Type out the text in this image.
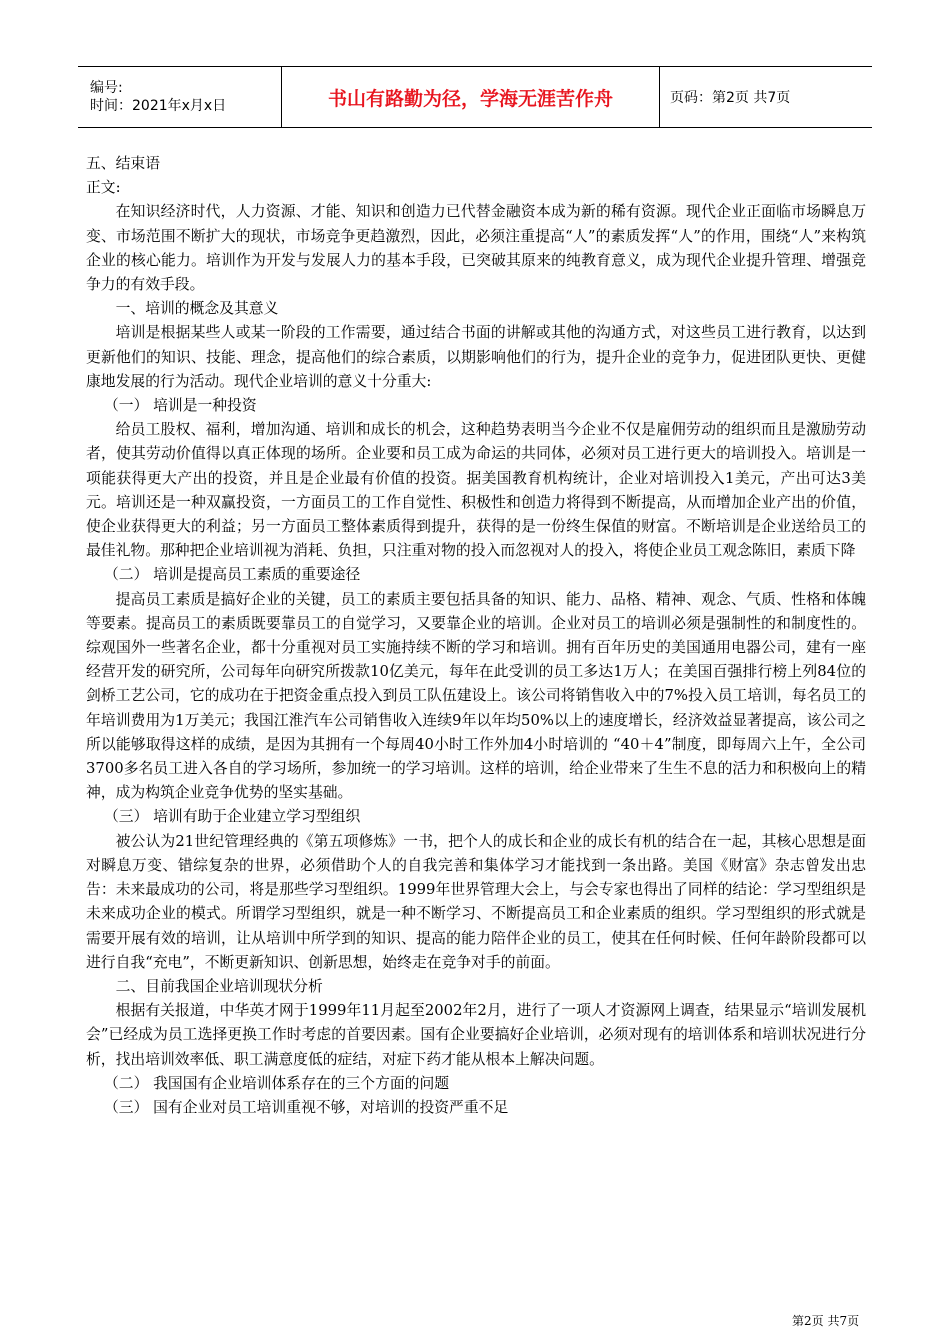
编号:
时间：2021年x月x日	书山有路勤为径，学海无涯苦作舟	页码：第2页 共7页

五、结束语

正文:

在知识经济时代，人力资源、才能、知识和创造力已代替金融资本成为新的稀有资源。现代企业正面临市场瞬息万变、市场范围不断扩大的现状，市场竞争更趋激烈，因此，必须注重提高“人”的素质发挥“人”的作用，围绕“人”来构筑企业的核心能力。培训作为开发与发展人力的基本手段，已突破其原来的纯教育意义，成为现代企业提升管理、增强竞争力的有效手段。

一、培训的概念及其意义

培训是根据某些人或某一阶段的工作需要，通过结合书面的讲解或其他的沟通方式，对这些员工进行教育，以达到更新他们的知识、技能、理念，提高他们的综合素质，以期影响他们的行为，提升企业的竞争力，促进团队更快、更健康地发展的行为活动。现代企业培训的意义十分重大:

（一） 培训是一种投资

给员工股权、福利，增加沟通、培训和成长的机会，这种趋势表明当今企业不仅是雇佣劳动的组织而且是激励劳动者，使其劳动价值得以真正体现的场所。企业要和员工成为命运的共同体，必须对员工进行更大的培训投入。培训是一项能获得更大产出的投资，并且是企业最有价值的投资。据美国教育机构统计，企业对培训投入1美元，产出可达3美元。培训还是一种双赢投资，一方面员工的工作自觉性、积极性和创造力将得到不断提高，从而增加企业产出的价值，使企业获得更大的利益；另一方面员工整体素质得到提升，获得的是一份终生保值的财富。不断培训是企业送给员工的最佳礼物。那种把企业培训视为消耗、负担，只注重对物的投入而忽视对人的投入，将使企业员工观念陈旧，素质下降

（二） 培训是提高员工素质的重要途径

提高员工素质是搞好企业的关键，员工的素质主要包括具备的知识、能力、品格、精神、观念、气质、性格和体魄等要素。提高员工的素质既要靠员工的自觉学习，又要靠企业的培训。企业对员工的培训必须是强制性的和制度性的。综观国外一些著名企业，都十分重视对员工实施持续不断的学习和培训。拥有百年历史的美国通用电器公司，建有一座经营开发的研究所，公司每年向研究所拨款10亿美元，每年在此受训的员工多达1万人；在美国百强排行榜上列84位的剑桥工艺公司，它的成功在于把资金重点投入到员工队伍建设上。该公司将销售收入中的7%投入员工培训，每名员工的年培训费用为1万美元；我国江淮汽车公司销售收入连续9年以年均50%以上的速度增长，经济效益显著提高，该公司之所以能够取得这样的成绩，是因为其拥有一个每周40小时工作外加4小时培训的 “40＋4”制度，即每周六上午，全公司3700多名员工进入各自的学习场所，参加统一的学习培训。这样的培训，给企业带来了生生不息的活力和积极向上的精神，成为构筑企业竞争优势的坚实基础。

（三） 培训有助于企业建立学习型组织

被公认为21世纪管理经典的《第五项修炼》一书，把个人的成长和企业的成长有机的结合在一起，其核心思想是面对瞬息万变、错综复杂的世界，必须借助个人的自我完善和集体学习才能找到一条出路。美国《财富》杂志曾发出忠告：未来最成功的公司，将是那些学习型组织。1999年世界管理大会上，与会专家也得出了同样的结论：学习型组织是未来成功企业的模式。所谓学习型组织，就是一种不断学习、不断提高员工和企业素质的组织。学习型组织的形式就是需要开展有效的培训，让从培训中所学到的知识、提高的能力陪伴企业的员工，使其在任何时候、任何年龄阶段都可以进行自我“充电”，不断更新知识、创新思想，始终走在竞争对手的前面。

二、目前我国企业培训现状分析

根据有关报道，中华英才网于1999年11月起至2002年2月，进行了一项人才资源网上调查，结果显示“培训发展机会”已经成为员工选择更换工作时考虑的首要因素。国有企业要搞好企业培训，必须对现有的培训体系和培训状况进行分析，找出培训效率低、职工满意度低的症结，对症下药才能从根本上解决问题。

（二） 我国国有企业培训体系存在的三个方面的问题

（三） 国有企业对员工培训重视不够，对培训的投资严重不足

第2页 共7页
